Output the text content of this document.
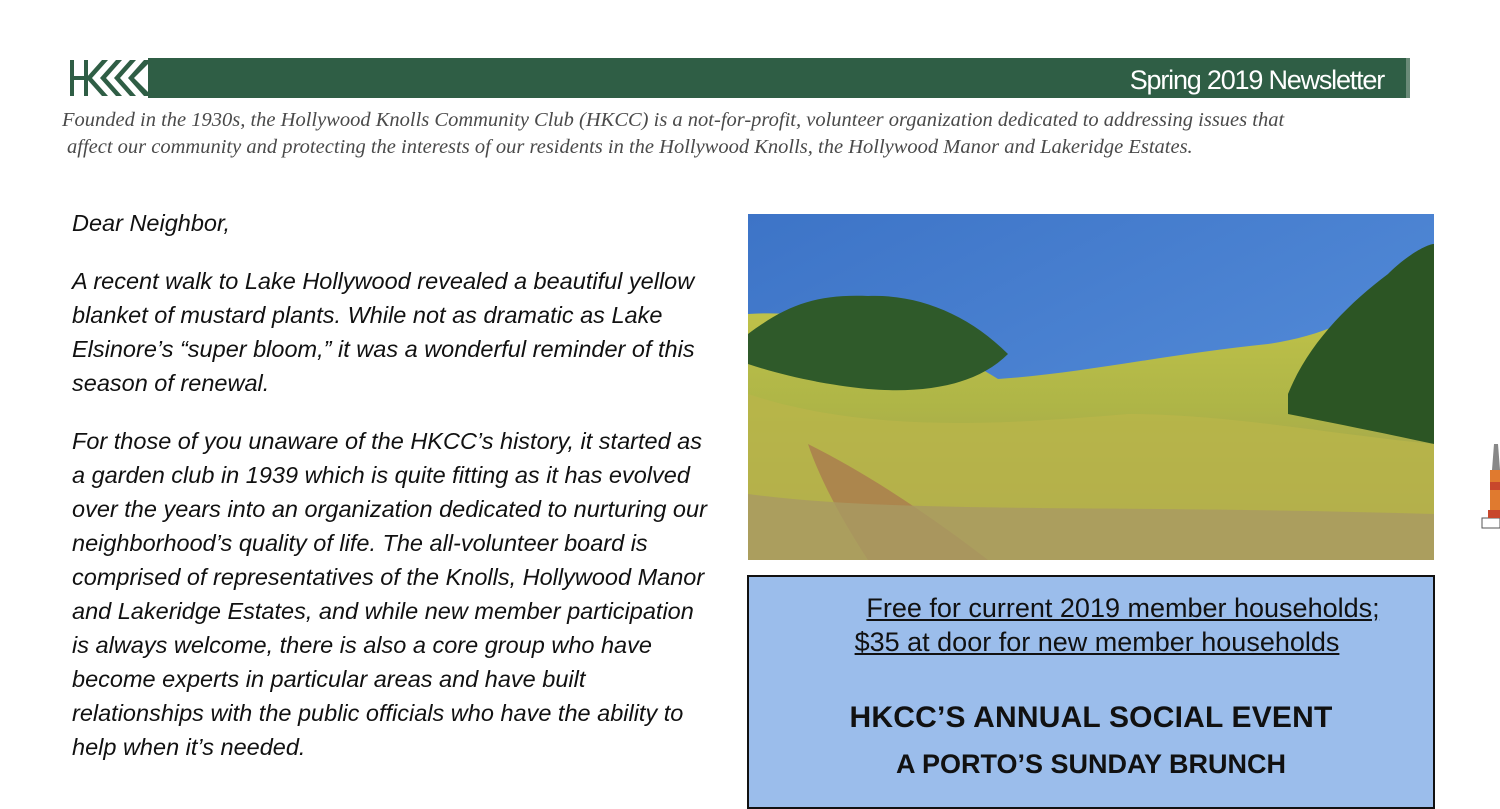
Spring 2019 Newsletter
Founded in the 1930s, the Hollywood Knolls Community Club (HKCC) is a not-for-profit, volunteer organization dedicated to addressing issues that
affect our community and protecting the interests of our residents in the Hollywood Knolls, the Hollywood Manor and Lakeridge Estates.

Dear Neighbor,

A recent walk to Lake Hollywood revealed a beautiful yellow blanket of mustard plants. While not as dramatic as Lake Elsinore’s “super bloom,” it was a wonderful reminder of this season of renewal.

For those of you unaware of the HKCC’s history, it started as a garden club in 1939 which is quite fitting as it has evolved over the years into an organization dedicated to nurturing our neighborhood’s quality of life. The all-volunteer board is comprised of representatives of the Knolls, Hollywood Manor and Lakeridge Estates, and while new member participation is always welcome, there is also a core group who have become experts in particular areas and have built relationships with the public officials who have the ability to help when it’s needed.

Free for current 2019 member households;
$35 at door for new member households
HKCC’S ANNUAL SOCIAL EVENT
A PORTO’S SUNDAY BRUNCH
